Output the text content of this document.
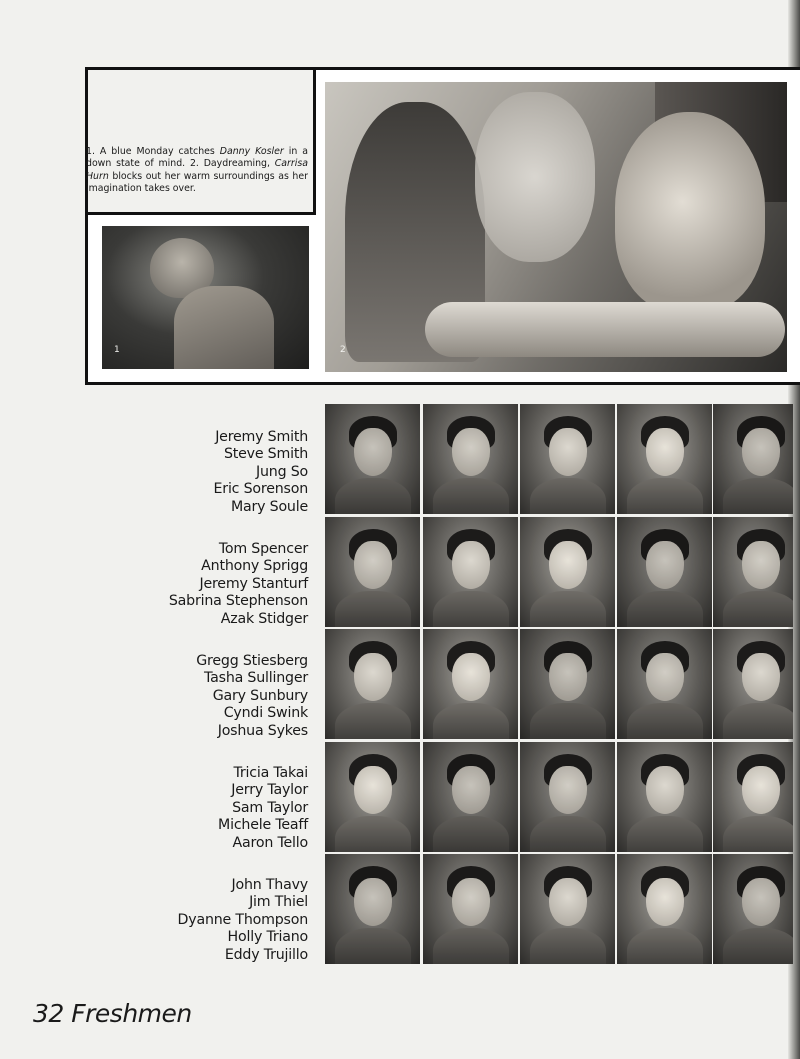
1. A blue Monday catches Danny Kosler in a down state of mind. 2. Daydreaming, Carrisa Hurn blocks out her warm surroundings as her imagination takes over.
1	2
Jeremy Smith
Steve Smith
Jung So
Eric Sorenson
Mary Soule
Tom Spencer
Anthony Sprigg
Jeremy Stanturf
Sabrina Stephenson
Azak Stidger
Gregg Stiesberg
Tasha Sullinger
Gary Sunbury
Cyndi Swink
Joshua Sykes
Tricia Takai
Jerry Taylor
Sam Taylor
Michele Teaff
Aaron Tello
John Thavy
Jim Thiel
Dyanne Thompson
Holly Triano
Eddy Trujillo
32 Freshmen
